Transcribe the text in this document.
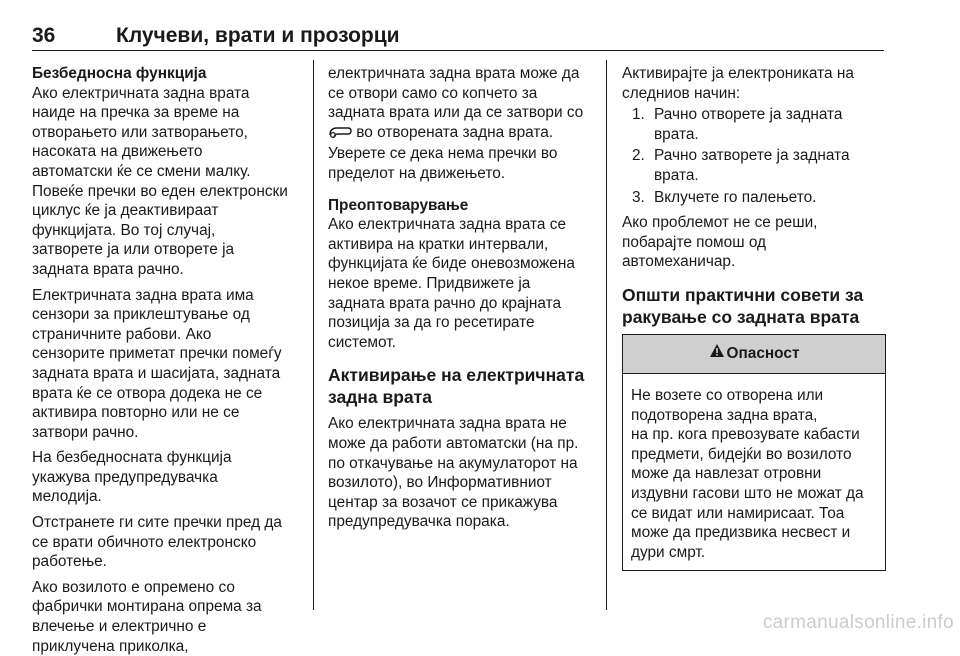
36	Клучеви, врати и прозорци
Безбедносна функција
Ако електричната задна врата
наиде на пречка за време на
отворањето или затворањето,
насоката на движењето
автоматски ќе се смени малку.
Повеќе пречки во еден електронски
циклус ќе ја деактивираат
функцијата. Во тој случај,
затворете ја или отворете ја
задната врата рачно.
Електричната задна врата има
сензори за приклештување од
страничните рабови. Ако
сензорите приметат пречки помеѓу
задната врата и шасијата, задната
врата ќе се отвора додека не се
активира повторно или не се
затвори рачно.
На безбедносната функција
укажува предупредувачка
мелодија.
Отстранете ги сите пречки пред да
се врати обичното електронско
работење.
Ако возилото е опремено со
фабрички монтирана опрема за
влечење и електрично е
приклучена приколка,
електричната задна врата може да
се отвори само со копчето за
задната врата или да се затвори со
во отворената задна врата.
Уверете се дека нема пречки во
пределот на движењето.
Преоптоварување
Ако електричната задна врата се
активира на кратки интервали,
функцијата ќе биде оневозможена
некое време. Придвижете ја
задната врата рачно до крајната
позиција за да го ресетирате
системот.
Активирање на електричната
задна врата
Ако електричната задна врата не
може да работи автоматски (на пр.
по откачување на акумулаторот на
возилото), во Информативниот
центар за возачот се прикажува
предупредувачка порака.
Активирајте ја електрониката на
следниов начин:
1. Рачно отворете ја задната
врата.
2. Рачно затворете ја задната
врата.
3. Вклучете го палењето.
Ако проблемот не се реши,
побарајте помош од
автомеханичар.
Општи практични совети за
ракување со задната врата
Опасност
Не возете со отворена или
подотворена задна врата,
на пр. кога превозувате кабасти
предмети, бидејќи во возилото
може да навлезат отровни
издувни гасови што не можат да
се видат или намирисаат. Тоа
може да предизвика несвест и
дури смрт.
carmanualsonline.info
